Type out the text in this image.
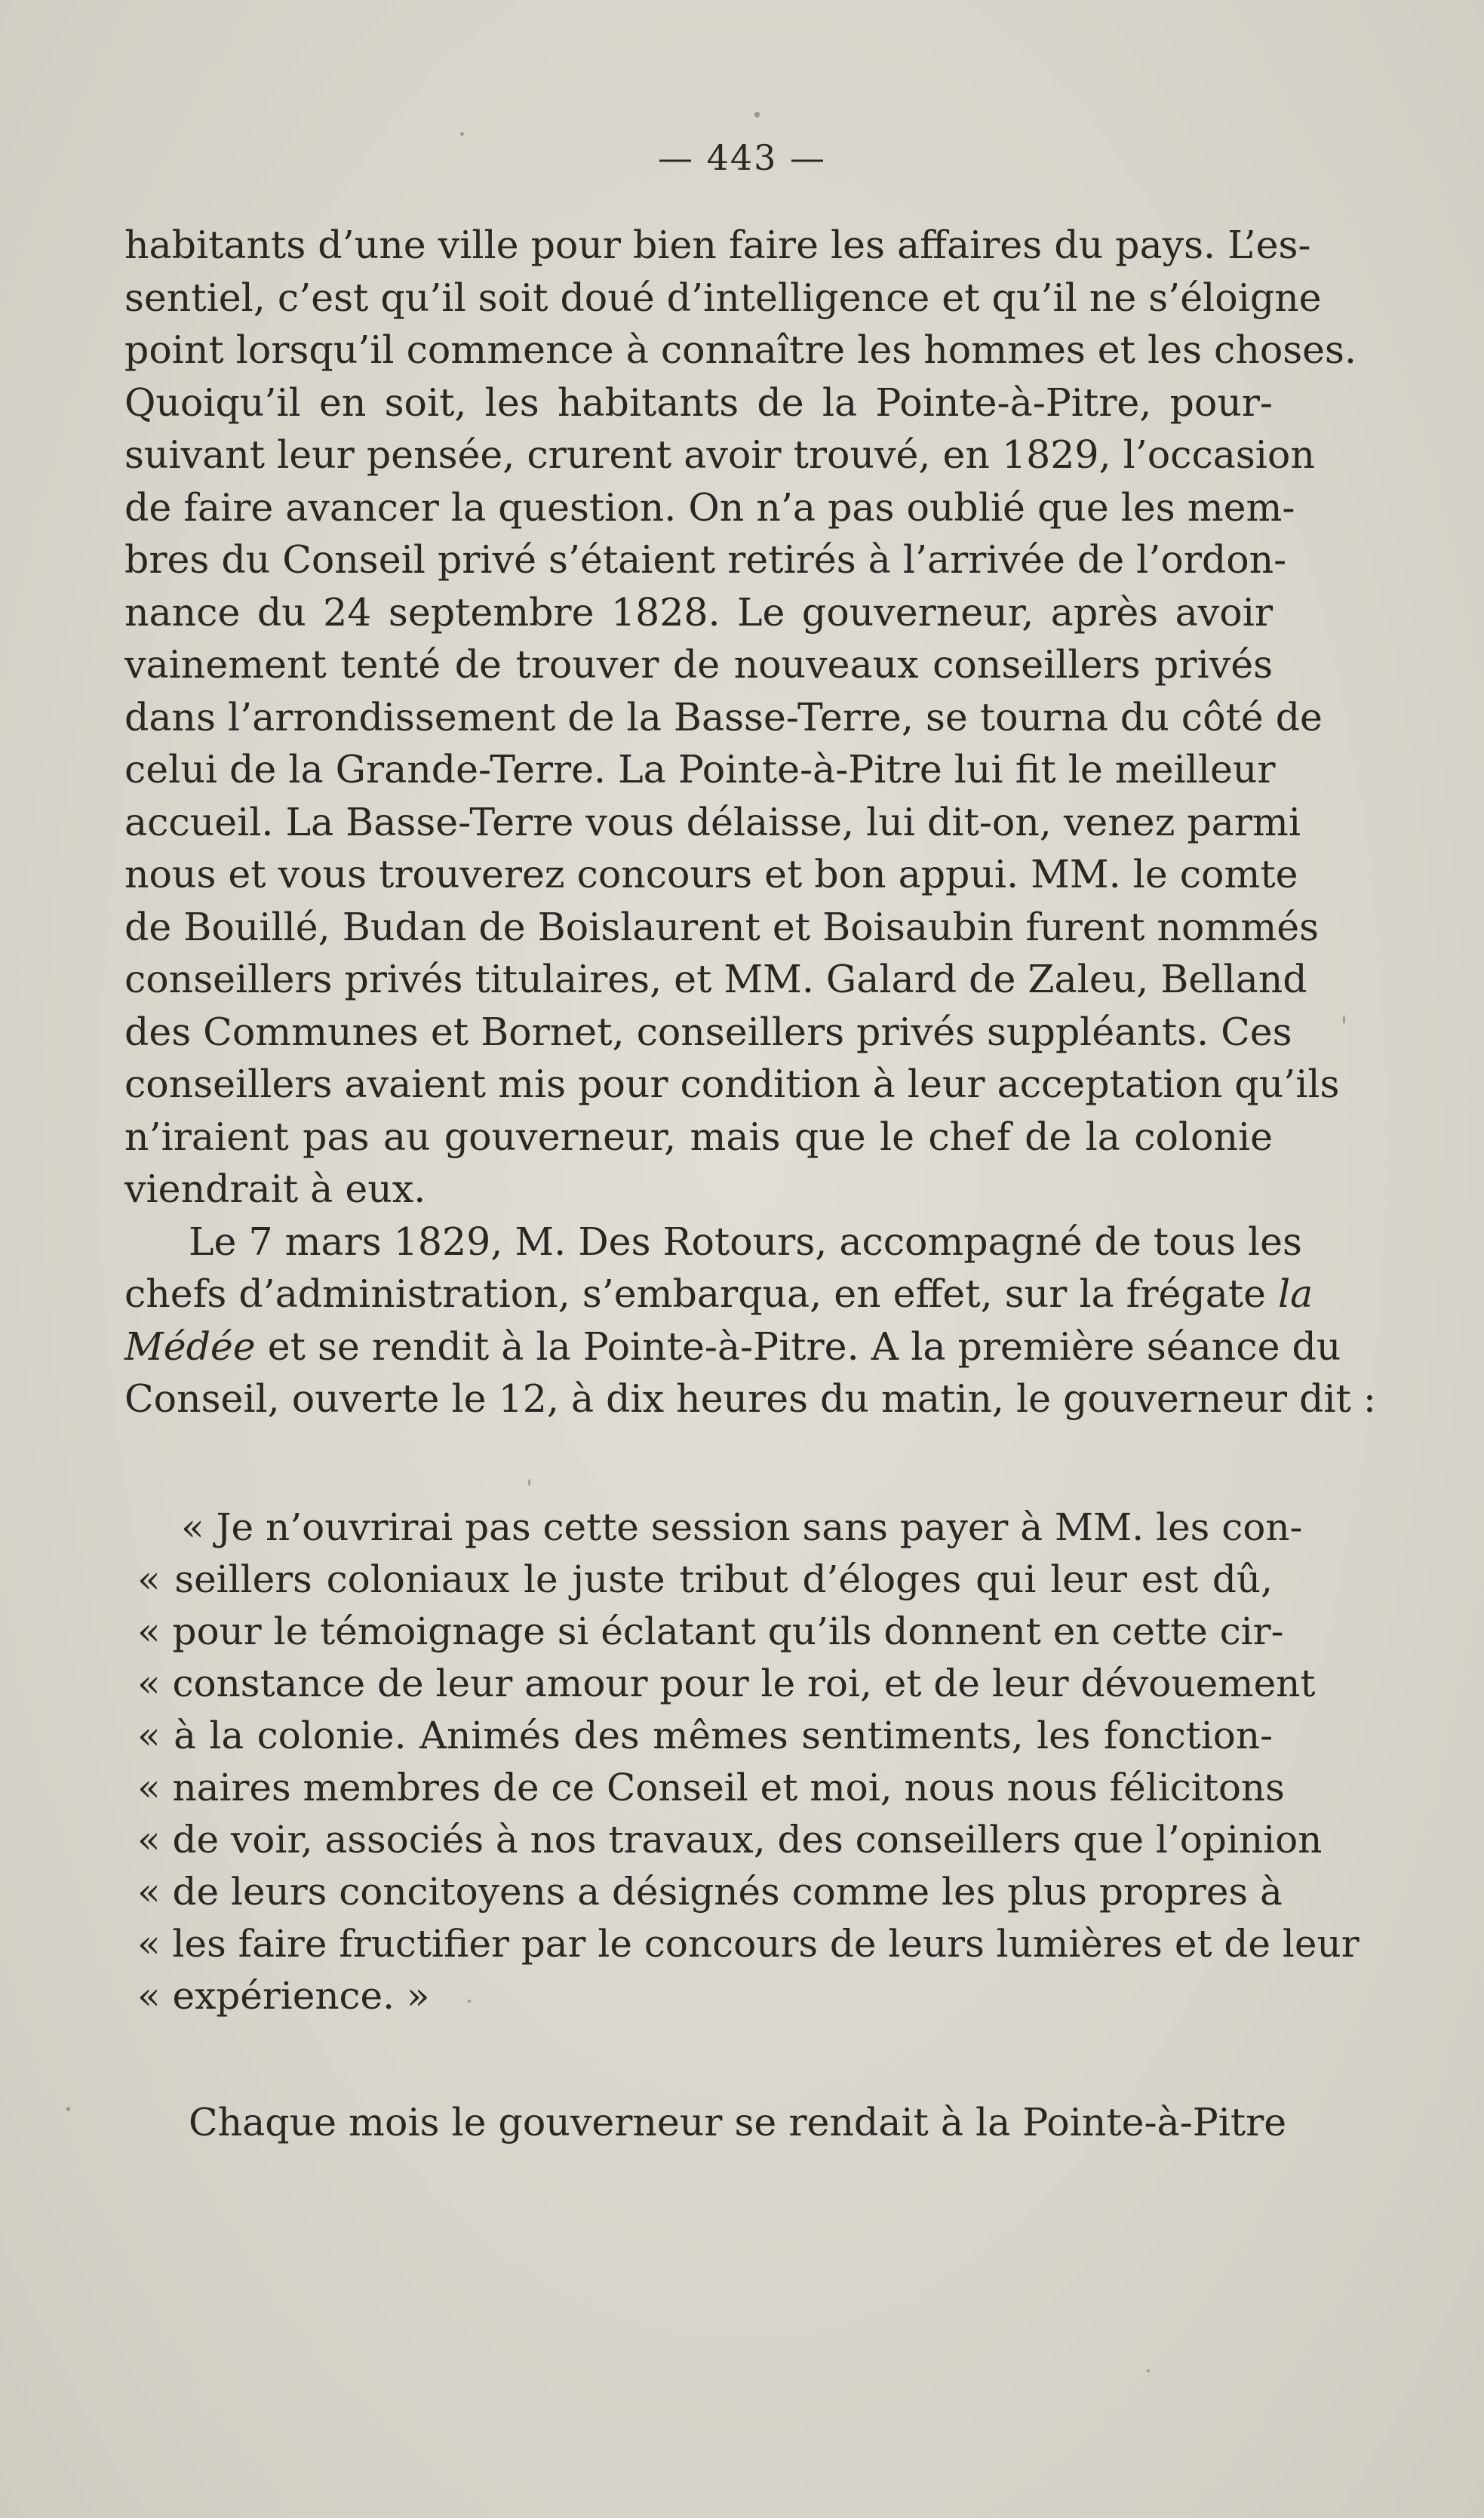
— 443 —
habitants d’une ville pour bien faire les affaires du pays. L’es-
sentiel, c’est qu’il soit doué d’intelligence et qu’il ne s’éloigne
point lorsqu’il commence à connaître les hommes et les choses.
Quoiqu’il en soit, les habitants de la Pointe-à-Pitre, pour-
suivant leur pensée, crurent avoir trouvé, en 1829, l’occasion
de faire avancer la question. On n’a pas oublié que les mem-
bres du Conseil privé s’étaient retirés à l’arrivée de l’ordon-
nance du 24 septembre 1828. Le gouverneur, après avoir
vainement tenté de trouver de nouveaux conseillers privés
dans l’arrondissement de la Basse-Terre, se tourna du côté de
celui de la Grande-Terre. La Pointe-à-Pitre lui fit le meilleur
accueil. La Basse-Terre vous délaisse, lui dit-on, venez parmi
nous et vous trouverez concours et bon appui. MM. le comte
de Bouillé, Budan de Boislaurent et Boisaubin furent nommés
conseillers privés titulaires, et MM. Galard de Zaleu, Belland
des Communes et Bornet, conseillers privés suppléants. Ces
conseillers avaient mis pour condition à leur acceptation qu’ils
n’iraient pas au gouverneur, mais que le chef de la colonie
viendrait à eux.
Le 7 mars 1829, M. Des Rotours, accompagné de tous les
chefs d’administration, s’embarqua, en effet, sur la frégate la
Médée et se rendit à la Pointe-à-Pitre. A la première séance du
Conseil, ouverte le 12, à dix heures du matin, le gouverneur dit :
« Je n’ouvrirai pas cette session sans payer à MM. les con-
« seillers coloniaux le juste tribut d’éloges qui leur est dû,
« pour le témoignage si éclatant qu’ils donnent en cette cir-
« constance de leur amour pour le roi, et de leur dévouement
« à la colonie. Animés des mêmes sentiments, les fonction-
« naires membres de ce Conseil et moi, nous nous félicitons
« de voir, associés à nos travaux, des conseillers que l’opinion
« de leurs concitoyens a désignés comme les plus propres à
« les faire fructifier par le concours de leurs lumières et de leur
« expérience. »
Chaque mois le gouverneur se rendait à la Pointe-à-Pitre
